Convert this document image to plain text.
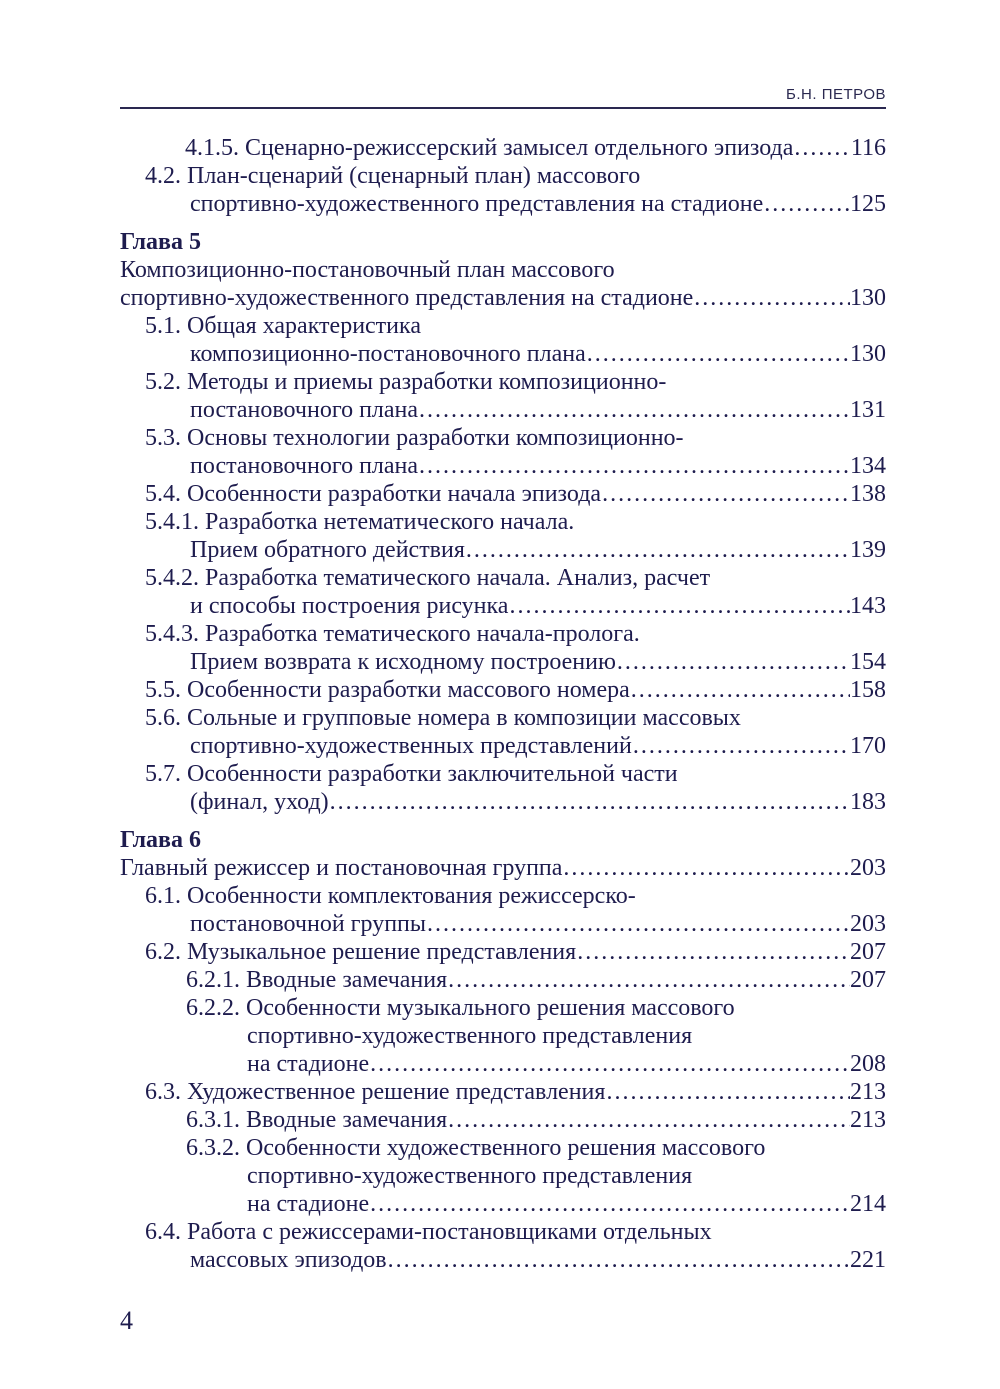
Б.Н. ПЕТРОВ
4.1.5. Сценарно-режиссерский замысел отдельного эпизода ..... 116
4.2. План-сценарий (сценарный план) массового
спортивно-художественного представления на стадионе .....	125
Глава 5
Композиционно-постановочный план массового
спортивно-художественного представления на стадионе .....	130
5.1. Общая характеристика
композиционно-постановочного плана .....	130
5.2. Методы и приемы разработки композиционно-
постановочного плана .....	131
5.3. Основы технологии разработки композиционно-
постановочного плана .....	134
5.4. Особенности разработки начала эпизода .....	138
5.4.1. Разработка нетематического начала.
Прием обратного действия .....	139
5.4.2. Разработка тематического начала. Анализ, расчет
и способы построения рисунка .....	143
5.4.3. Разработка тематического начала-пролога.
Прием возврата к исходному построению .....	154
5.5. Особенности разработки массового номера .....	158
5.6. Сольные и групповые номера в композиции массовых
спортивно-художественных представлений .....	170
5.7. Особенности разработки заключительной части
(финал, уход) .....	183
Глава 6
Главный режиссер и постановочная группа .....	203
6.1. Особенности комплектования режиссерско-
постановочной группы .....	203
6.2. Музыкальное решение представления .....	207
6.2.1. Вводные замечания .....	207
6.2.2. Особенности музыкального решения массового
спортивно-художественного представления
на стадионе .....	208
6.3. Художественное решение представления .....	213
6.3.1. Вводные замечания .....	213
6.3.2. Особенности художественного решения массового
спортивно-художественного представления
на стадионе .....	214
6.4. Работа с режиссерами-постановщиками отдельных
массовых эпизодов .....	221
4
